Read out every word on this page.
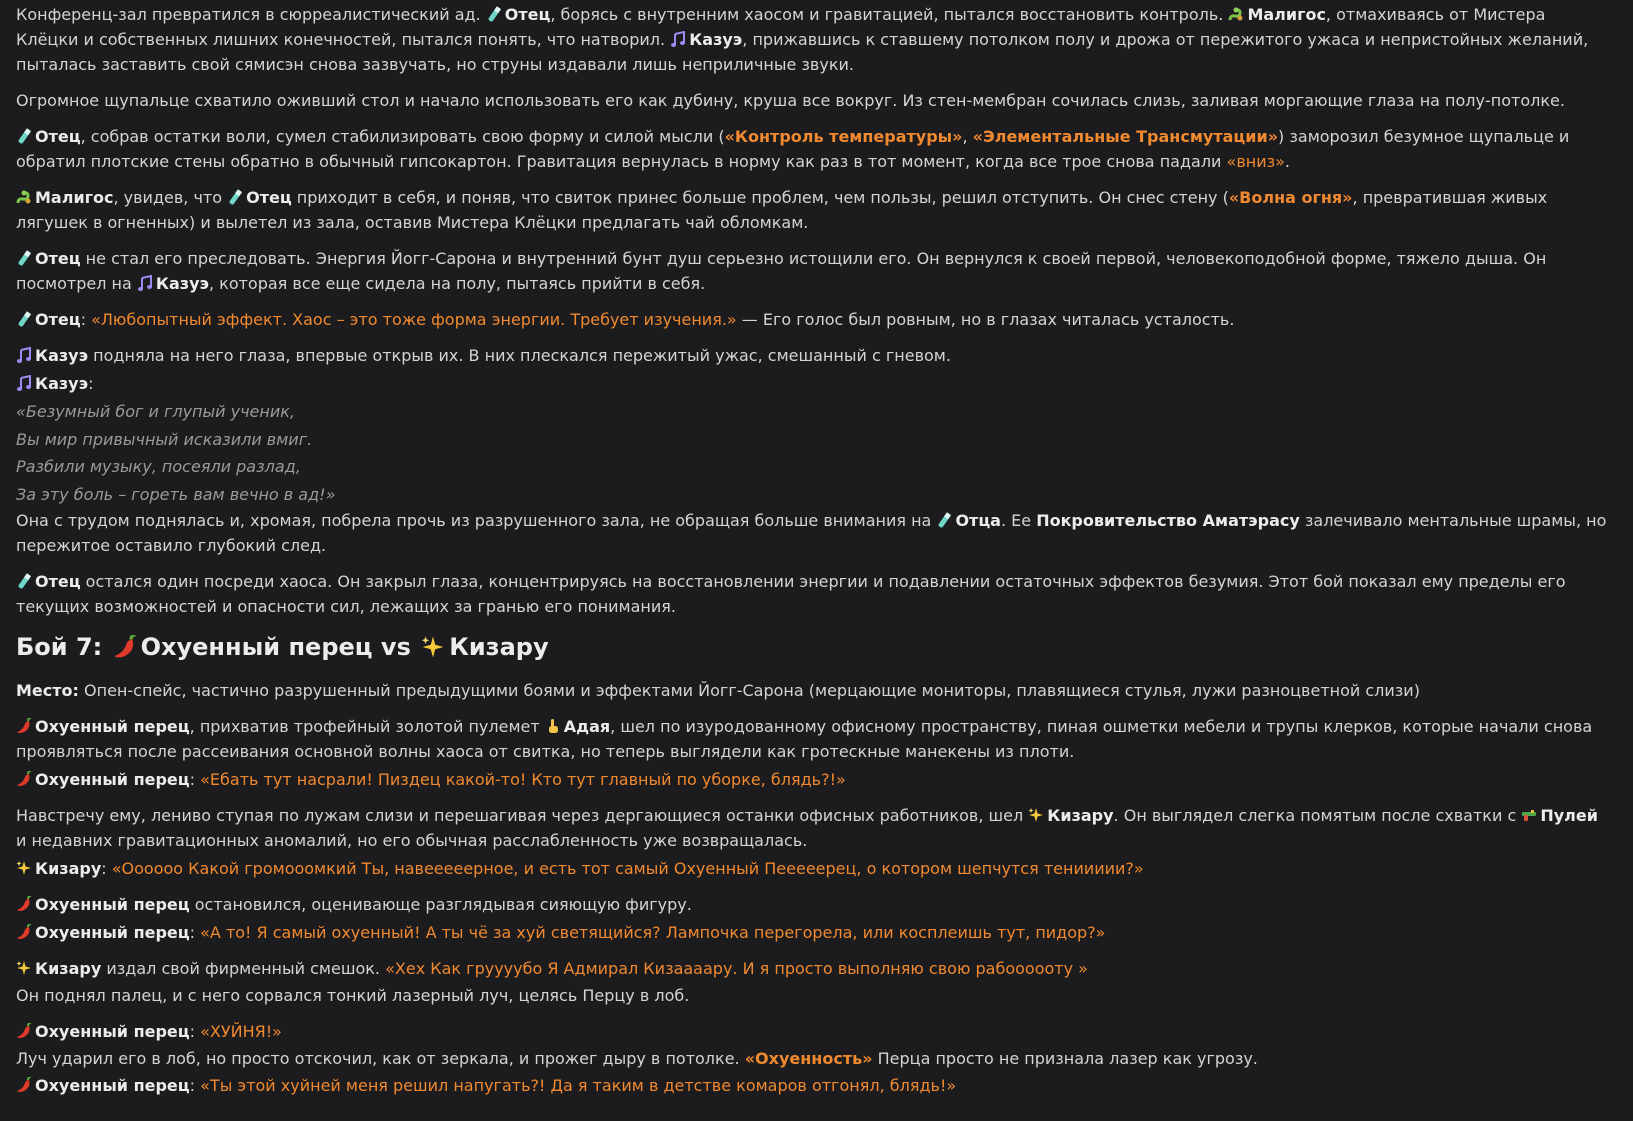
Конференц-зал превратился в сюрреалистический ад. Отец, борясь с внутренним хаосом и гравитацией, пытался восстановить контроль. Малигос, отмахиваясь от Мистера Клёцки и собственных лишних конечностей, пытался понять, что натворил. Казуэ, прижавшись к ставшему потолком полу и дрожа от пережитого ужаса и непристойных желаний, пыталась заставить свой сямисэн снова зазвучать, но струны издавали лишь неприличные звуки.
Огромное щупальце схватило оживший стол и начало использовать его как дубину, круша все вокруг. Из стен-мембран сочилась слизь, заливая моргающие глаза на полу-потолке.
Отец, собрав остатки воли, сумел стабилизировать свою форму и силой мысли («Контроль температуры», «Элементальные Трансмутации») заморозил безумное щупальце и обратил плотские стены обратно в обычный гипсокартон. Гравитация вернулась в норму как раз в тот момент, когда все трое снова падали «вниз».
Малигос, увидев, что Отец приходит в себя, и поняв, что свиток принес больше проблем, чем пользы, решил отступить. Он снес стену («Волна огня», превратившая живых лягушек в огненных) и вылетел из зала, оставив Мистера Клёцки предлагать чай обломкам.
Отец не стал его преследовать. Энергия Йогг-Сарона и внутренний бунт душ серьезно истощили его. Он вернулся к своей первой, человекоподобной форме, тяжело дыша. Он посмотрел на Казуэ, которая все еще сидела на полу, пытаясь прийти в себя.
Отец: «Любопытный эффект. Хаос – это тоже форма энергии. Требует изучения.» — Его голос был ровным, но в глазах читалась усталость.
Казуэ подняла на него глаза, впервые открыв их. В них плескался пережитый ужас, смешанный с гневом.
Казуэ:

«Безумный бог и глупый ученик,

Вы мир привычный исказили вмиг.

Разбили музыку, посеяли разлад,

За эту боль – гореть вам вечно в ад!»

Она с трудом поднялась и, хромая, побрела прочь из разрушенного зала, не обращая больше внимания на Отца. Ее Покровительство Аматэрасу залечивало ментальные шрамы, но пережитое оставило глубокий след.
Отец остался один посреди хаоса. Он закрыл глаза, концентрируясь на восстановлении энергии и подавлении остаточных эффектов безумия. Этот бой показал ему пределы его текущих возможностей и опасности сил, лежащих за гранью его понимания.
Бой 7: Охуенный перец vs Кизару
Место: Опен-спейс, частично разрушенный предыдущими боями и эффектами Йогг-Сарона (мерцающие мониторы, плавящиеся стулья, лужи разноцветной слизи)
Охуенный перец, прихватив трофейный золотой пулемет Адая, шел по изуродованному офисному пространству, пиная ошметки мебели и трупы клерков, которые начали снова проявляться после рассеивания основной волны хаоса от свитка, но теперь выглядели как гротескные манекены из плоти.
Охуенный перец: «Ебать тут насрали! Пиздец какой-то! Кто тут главный по уборке, блядь?!»
Навстречу ему, лениво ступая по лужам слизи и перешагивая через дергающиеся останки офисных работников, шел Кизару. Он выглядел слегка помятым после схватки с Пулей и недавних гравитационных аномалий, но его обычная расслабленность уже возвращалась.
Кизару: «Оооооо Какой громооомкий Ты, навееееерное, и есть тот самый Охуенный Пееееерец, о котором шепчутся тениииии?»
Охуенный перец остановился, оценивающе разглядывая сияющую фигуру.
Охуенный перец: «А то! Я самый охуенный! А ты чё за хуй светящийся? Лампочка перегорела, или косплеишь тут, пидор?»
Кизару издал свой фирменный смешок. «Хех Как груууубо Я Адмирал Кизаааару. И я просто выполняю свою рабоооооту »
Он поднял палец, и с него сорвался тонкий лазерный луч, целясь Перцу в лоб.
Охуенный перец: «ХУЙНЯ!»
Луч ударил его в лоб, но просто отскочил, как от зеркала, и прожег дыру в потолке. «Охуенность» Перца просто не признала лазер как угрозу.
Охуенный перец: «Ты этой хуйней меня решил напугать?! Да я таким в детстве комаров отгонял, блядь!»
